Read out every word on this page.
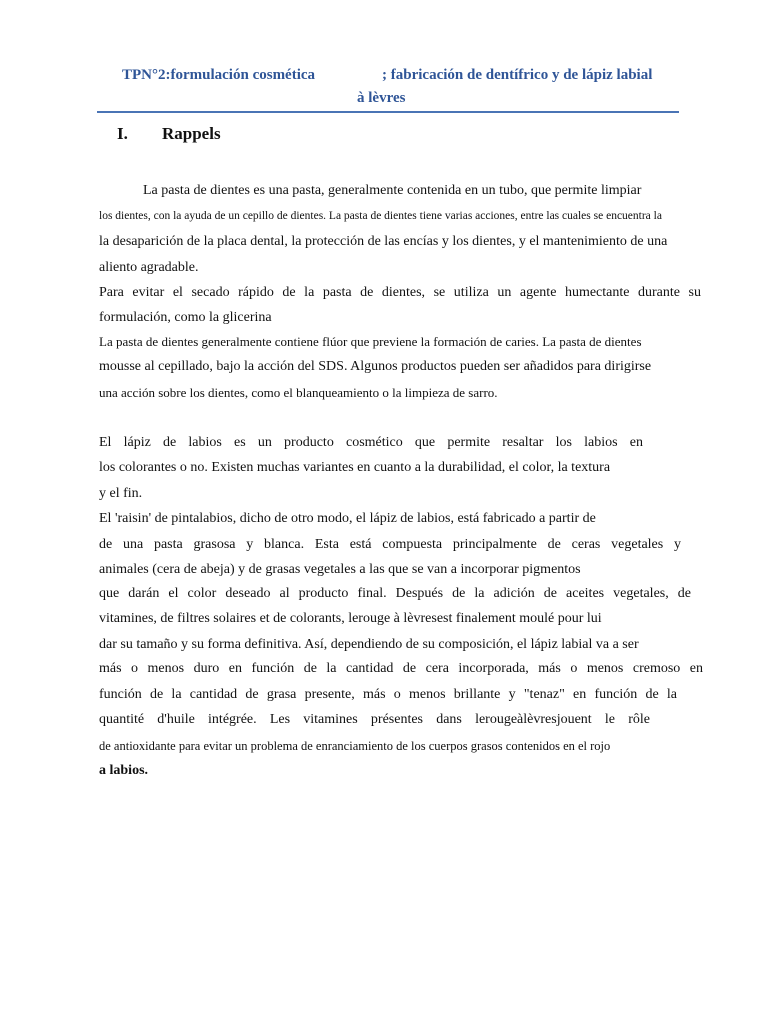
TPN°2:formulación cosmética	; fabricación de dentífrico y de lápiz labial
à lèvres
I. Rappels
La pasta de dientes es una pasta, generalmente contenida en un tubo, que permite limpiar
los dientes, con la ayuda de un cepillo de dientes. La pasta de dientes tiene varias acciones, entre las cuales se encuentra la
la desaparición de la placa dental, la protección de las encías y los dientes, y el mantenimiento de una
aliento agradable.
Para evitar el secado rápido de la pasta de dientes, se utiliza un agente humectante durante su
formulación, como la glicerina
La pasta de dientes generalmente contiene flúor que previene la formación de caries. La pasta de dientes
mousse al cepillado, bajo la acción del SDS. Algunos productos pueden ser añadidos para dirigirse
una acción sobre los dientes, como el blanqueamiento o la limpieza de sarro.
El lápiz de labios es un producto cosmético que permite resaltar los labios en
los colorantes o no. Existen muchas variantes en cuanto a la durabilidad, el color, la textura
y el fin.
El 'raisin' de pintalabios, dicho de otro modo, el lápiz de labios, está fabricado a partir de
de una pasta grasosa y blanca. Esta está compuesta principalmente de ceras vegetales y
animales (cera de abeja) y de grasas vegetales a las que se van a incorporar pigmentos
que darán el color deseado al producto final. Después de la adición de aceites vegetales, de
vitamines, de filtres solaires et de colorants, lerouge à lèvresest finalement moulé pour lui
dar su tamaño y su forma definitiva. Así, dependiendo de su composición, el lápiz labial va a ser
más o menos duro en función de la cantidad de cera incorporada, más o menos cremoso en
función de la cantidad de grasa presente, más o menos brillante y "tenaz" en función de la
quantité d'huile intégrée. Les vitamines présentes dans lerougeàlèvresjouent le rôle
de antioxidante para evitar un problema de enranciamiento de los cuerpos grasos contenidos en el rojo
a labios.
